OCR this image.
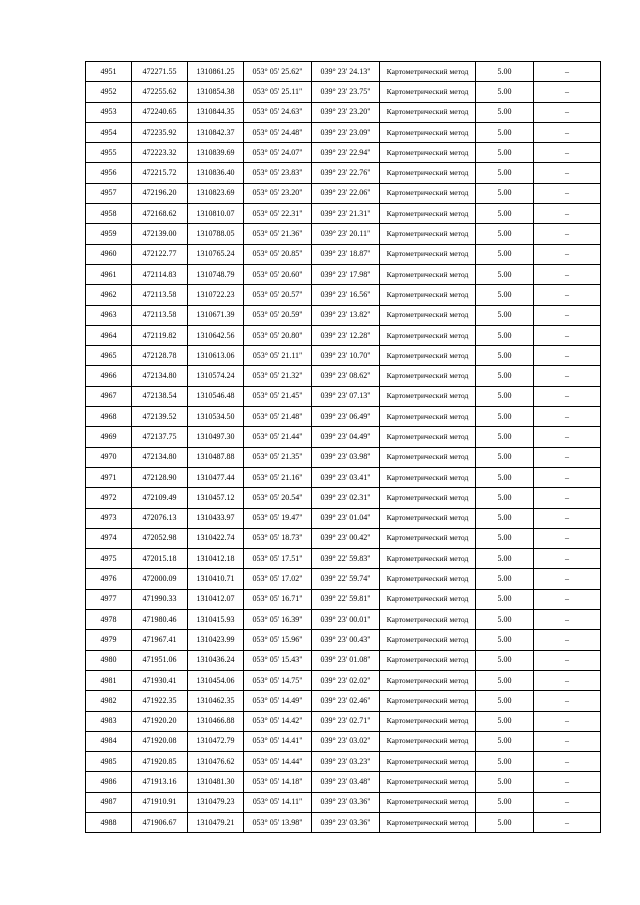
4951	472271.55	1310861.25	053° 05' 25.62"	039° 23' 24.13"	Картометрический метод	5.00	–
4952	472255.62	1310854.38	053° 05' 25.11"	039° 23' 23.75"	Картометрический метод	5.00	–
4953	472240.65	1310844.35	053° 05' 24.63"	039° 23' 23.20"	Картометрический метод	5.00	–
4954	472235.92	1310842.37	053° 05' 24.48"	039° 23' 23.09"	Картометрический метод	5.00	–
4955	472223.32	1310839.69	053° 05' 24.07"	039° 23' 22.94"	Картометрический метод	5.00	–
4956	472215.72	1310836.40	053° 05' 23.83"	039° 23' 22.76"	Картометрический метод	5.00	–
4957	472196.20	1310823.69	053° 05' 23.20"	039° 23' 22.06"	Картометрический метод	5.00	–
4958	472168.62	1310810.07	053° 05' 22.31"	039° 23' 21.31"	Картометрический метод	5.00	–
4959	472139.00	1310788.05	053° 05' 21.36"	039° 23' 20.11"	Картометрический метод	5.00	–
4960	472122.77	1310765.24	053° 05' 20.85"	039° 23' 18.87"	Картометрический метод	5.00	–
4961	472114.83	1310748.79	053° 05' 20.60"	039° 23' 17.98"	Картометрический метод	5.00	–
4962	472113.58	1310722.23	053° 05' 20.57"	039° 23' 16.56"	Картометрический метод	5.00	–
4963	472113.58	1310671.39	053° 05' 20.59"	039° 23' 13.82"	Картометрический метод	5.00	–
4964	472119.82	1310642.56	053° 05' 20.80"	039° 23' 12.28"	Картометрический метод	5.00	–
4965	472128.78	1310613.06	053° 05' 21.11"	039° 23' 10.70"	Картометрический метод	5.00	–
4966	472134.80	1310574.24	053° 05' 21.32"	039° 23' 08.62"	Картометрический метод	5.00	–
4967	472138.54	1310546.48	053° 05' 21.45"	039° 23' 07.13"	Картометрический метод	5.00	–
4968	472139.52	1310534.50	053° 05' 21.48"	039° 23' 06.49"	Картометрический метод	5.00	–
4969	472137.75	1310497.30	053° 05' 21.44"	039° 23' 04.49"	Картометрический метод	5.00	–
4970	472134.80	1310487.88	053° 05' 21.35"	039° 23' 03.98"	Картометрический метод	5.00	–
4971	472128.90	1310477.44	053° 05' 21.16"	039° 23' 03.41"	Картометрический метод	5.00	–
4972	472109.49	1310457.12	053° 05' 20.54"	039° 23' 02.31"	Картометрический метод	5.00	–
4973	472076.13	1310433.97	053° 05' 19.47"	039° 23' 01.04"	Картометрический метод	5.00	–
4974	472052.98	1310422.74	053° 05' 18.73"	039° 23' 00.42"	Картометрический метод	5.00	–
4975	472015.18	1310412.18	053° 05' 17.51"	039° 22' 59.83"	Картометрический метод	5.00	–
4976	472000.09	1310410.71	053° 05' 17.02"	039° 22' 59.74"	Картометрический метод	5.00	–
4977	471990.33	1310412.07	053° 05' 16.71"	039° 22' 59.81"	Картометрический метод	5.00	–
4978	471980.46	1310415.93	053° 05' 16.39"	039° 23' 00.01"	Картометрический метод	5.00	–
4979	471967.41	1310423.99	053° 05' 15.96"	039° 23' 00.43"	Картометрический метод	5.00	–
4980	471951.06	1310436.24	053° 05' 15.43"	039° 23' 01.08"	Картометрический метод	5.00	–
4981	471930.41	1310454.06	053° 05' 14.75"	039° 23' 02.02"	Картометрический метод	5.00	–
4982	471922.35	1310462.35	053° 05' 14.49"	039° 23' 02.46"	Картометрический метод	5.00	–
4983	471920.20	1310466.88	053° 05' 14.42"	039° 23' 02.71"	Картометрический метод	5.00	–
4984	471920.08	1310472.79	053° 05' 14.41"	039° 23' 03.02"	Картометрический метод	5.00	–
4985	471920.85	1310476.62	053° 05' 14.44"	039° 23' 03.23"	Картометрический метод	5.00	–
4986	471913.16	1310481.30	053° 05' 14.18"	039° 23' 03.48"	Картометрический метод	5.00	–
4987	471910.91	1310479.23	053° 05' 14.11"	039° 23' 03.36"	Картометрический метод	5.00	–
4988	471906.67	1310479.21	053° 05' 13.98"	039° 23' 03.36"	Картометрический метод	5.00	–
